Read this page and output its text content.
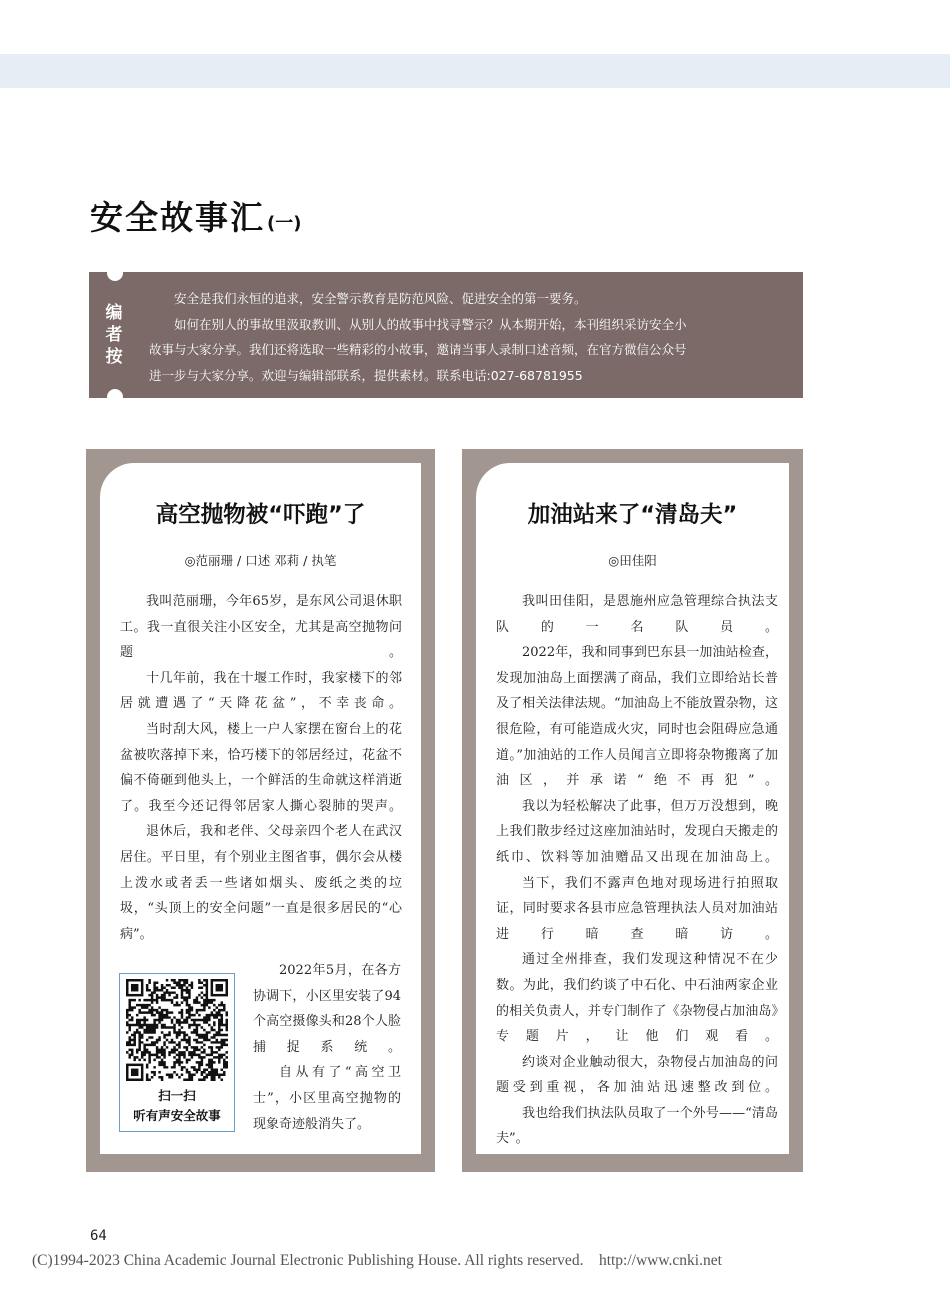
安全故事汇 (一)
编
者
按

安全是我们永恒的追求，安全警示教育是防范风险、促进安全的第一要务。

如何在别人的事故里汲取教训、从别人的故事中找寻警示？从本期开始，本刊组织采访安全小

故事与大家分享。我们还将选取一些精彩的小故事，邀请当事人录制口述音频，在官方微信公众号

进一步与大家分享。欢迎与编辑部联系，提供素材。联系电话:027-68781955

高空抛物被“吓跑”了
◎范丽珊 / 口述 邓莉 / 执笔

我叫范丽珊，今年65岁，是东风公司退休职工。我一直很关注小区安全，尤其是高空抛物问题。

十几年前，我在十堰工作时，我家楼下的邻居就遭遇了“天降花盆”，不幸丧命。

当时刮大风，楼上一户人家摆在窗台上的花盆被吹落掉下来，恰巧楼下的邻居经过，花盆不偏不倚砸到他头上，一个鲜活的生命就这样消逝了。我至今还记得邻居家人撕心裂肺的哭声。

退休后，我和老伴、父母亲四个老人在武汉居住。平日里，有个别业主图省事，偶尔会从楼上泼水或者丢一些诸如烟头、废纸之类的垃圾，“头顶上的安全问题”一直是很多居民的“心病”。

2022年5月，在各方协调下，小区里安装了94个高空摄像头和28个人脸捕捉系统。

自从有了“高空卫士”，小区里高空抛物的现象奇迹般消失了。

扫一扫
听有声安全故事
加油站来了“清岛夫”
◎田佳阳

我叫田佳阳，是恩施州应急管理综合执法支队的一名队员。

2022年，我和同事到巴东县一加油站检查，发现加油岛上面摆满了商品，我们立即给站长普及了相关法律法规。“加油岛上不能放置杂物，这很危险，有可能造成火灾，同时也会阻碍应急通道。”加油站的工作人员闻言立即将杂物搬离了加油区，并承诺“绝不再犯”。

我以为轻松解决了此事，但万万没想到，晚上我们散步经过这座加油站时，发现白天搬走的纸巾、饮料等加油赠品又出现在加油岛上。

当下，我们不露声色地对现场进行拍照取证，同时要求各县市应急管理执法人员对加油站进行暗查暗访。

通过全州排查，我们发现这种情况不在少数。为此，我们约谈了中石化、中石油两家企业的相关负责人，并专门制作了《杂物侵占加油岛》专题片，让他们观看。

约谈对企业触动很大，杂物侵占加油岛的问题受到重视，各加油站迅速整改到位。

我也给我们执法队员取了一个外号——“清岛夫”。

64
(C)1994-2023 China Academic Journal Electronic Publishing House. All rights reserved.    http://www.cnki.net
